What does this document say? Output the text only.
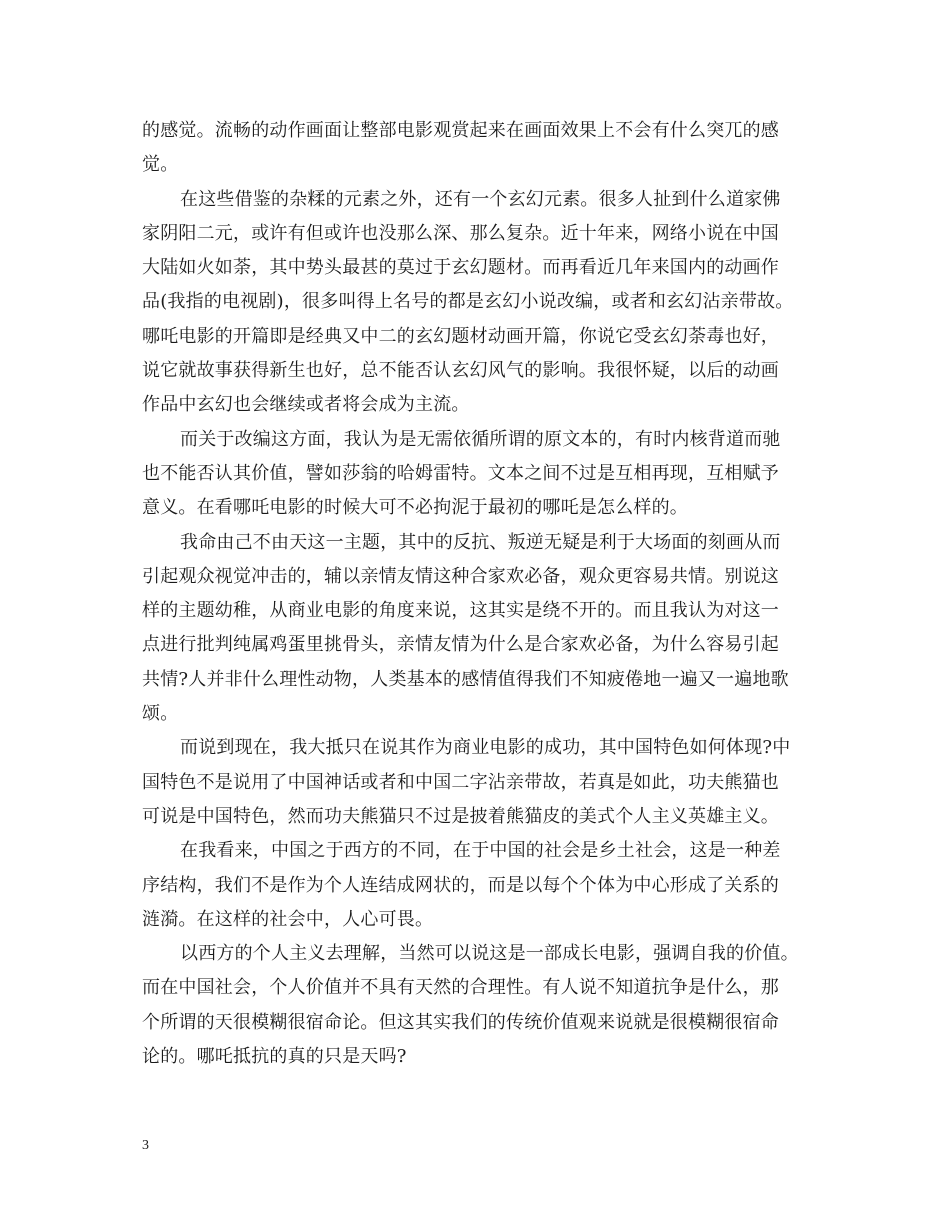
的感觉。流畅的动作画面让整部电影观赏起来在画面效果上不会有什么突兀的感
觉。
在这些借鉴的杂糅的元素之外，还有一个玄幻元素。很多人扯到什么道家佛
家阴阳二元，或许有但或许也没那么深、那么复杂。近十年来，网络小说在中国
大陆如火如荼，其中势头最甚的莫过于玄幻题材。而再看近几年来国内的动画作
品(我指的电视剧)，很多叫得上名号的都是玄幻小说改编，或者和玄幻沾亲带故。
哪吒电影的开篇即是经典又中二的玄幻题材动画开篇，你说它受玄幻荼毒也好，
说它就故事获得新生也好，总不能否认玄幻风气的影响。我很怀疑，以后的动画
作品中玄幻也会继续或者将会成为主流。
而关于改编这方面，我认为是无需依循所谓的原文本的，有时内核背道而驰
也不能否认其价值，譬如莎翁的哈姆雷特。文本之间不过是互相再现，互相赋予
意义。在看哪吒电影的时候大可不必拘泥于最初的哪吒是怎么样的。
我命由己不由天这一主题，其中的反抗、叛逆无疑是利于大场面的刻画从而
引起观众视觉冲击的，辅以亲情友情这种合家欢必备，观众更容易共情。别说这
样的主题幼稚，从商业电影的角度来说，这其实是绕不开的。而且我认为对这一
点进行批判纯属鸡蛋里挑骨头，亲情友情为什么是合家欢必备，为什么容易引起
共情?人并非什么理性动物，人类基本的感情值得我们不知疲倦地一遍又一遍地歌
颂。
而说到现在，我大抵只在说其作为商业电影的成功，其中国特色如何体现?中
国特色不是说用了中国神话或者和中国二字沾亲带故，若真是如此，功夫熊猫也
可说是中国特色，然而功夫熊猫只不过是披着熊猫皮的美式个人主义英雄主义。
在我看来，中国之于西方的不同，在于中国的社会是乡土社会，这是一种差
序结构，我们不是作为个人连结成网状的，而是以每个个体为中心形成了关系的
涟漪。在这样的社会中，人心可畏。
以西方的个人主义去理解，当然可以说这是一部成长电影，强调自我的价值。
而在中国社会，个人价值并不具有天然的合理性。有人说不知道抗争是什么，那
个所谓的天很模糊很宿命论。但这其实我们的传统价值观来说就是很模糊很宿命
论的。哪吒抵抗的真的只是天吗?
3
